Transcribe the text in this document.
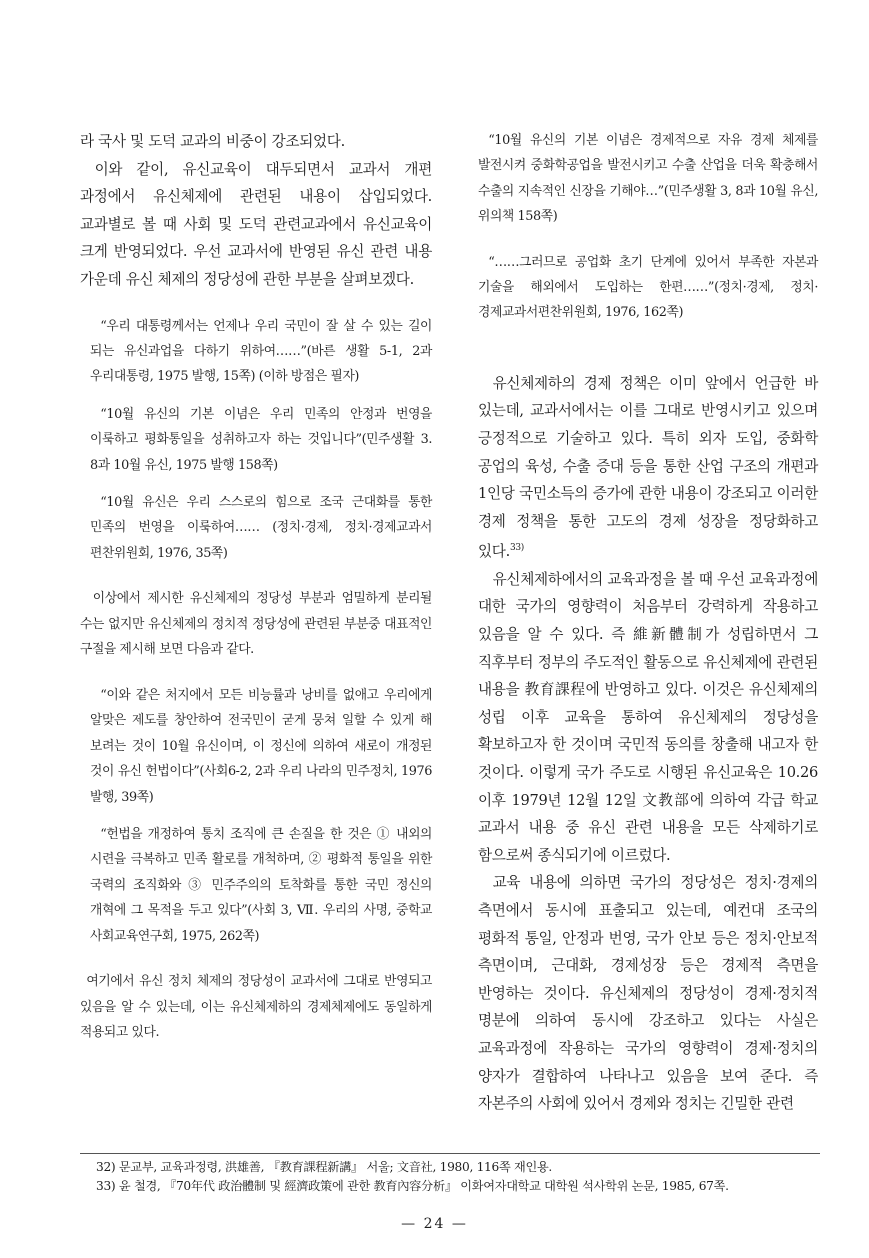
라 국사 및 도덕 교과의 비중이 강조되었다.

이와 같이, 유신교육이 대두되면서 교과서 개편 과정에서 유신체제에 관련된 내용이 삽입되었다. 교과별로 볼 때 사회 및 도덕 관련교과에서 유신교육이 크게 반영되었다. 우선 교과서에 반영된 유신 관련 내용 가운데 유신 체제의 정당성에 관한 부분을 살펴보겠다.

“우리 대통령께서는 언제나 우리 국민이 잘 살 수 있는 길이 되는 유신과업을 다하기 위하여……”(바른 생활 5-1, 2과 우리대통령, 1975 발행, 15쪽) (이하 방점은 필자)

“10월 유신의 기본 이념은 우리 민족의 안정과 번영을 이룩하고 평화통일을 성취하고자 하는 것입니다”(민주생활 3. 8과 10월 유신, 1975 발행 158쪽)

“10월 유신은 우리 스스로의 힘으로 조국 근대화를 통한 민족의 번영을 이룩하여…… (정치·경제, 정치·경제교과서 편찬위원회, 1976, 35쪽)

이상에서 제시한 유신체제의 정당성 부분과 엄밀하게 분리될 수는 없지만 유신체제의 정치적 정당성에 관련된 부분중 대표적인 구절을 제시해 보면 다음과 같다.

“이와 같은 처지에서 모든 비능률과 낭비를 없애고 우리에게 알맞은 제도를 창안하여 전국민이 굳게 뭉쳐 일할 수 있게 해 보려는 것이 10월 유신이며, 이 정신에 의하여 새로이 개정된 것이 유신 헌법이다”(사회6-2, 2과 우리 나라의 민주정치, 1976 발행, 39쪽)

“헌법을 개정하여 통치 조직에 큰 손질을 한 것은 ① 내외의 시련을 극복하고 민족 활로를 개척하며, ② 평화적 통일을 위한 국력의 조직화와 ③ 민주주의의 토착화를 통한 국민 정신의 개혁에 그 목적을 두고 있다”(사회 3, Ⅶ. 우리의 사명, 중학교 사회교육연구회, 1975, 262쪽)

여기에서 유신 정치 체제의 정당성이 교과서에 그대로 반영되고 있음을 알 수 있는데, 이는 유신체제하의 경제체제에도 동일하게 적용되고 있다.

“10월 유신의 기본 이념은 경제적으로 자유 경제 체제를 발전시켜 중화학공업을 발전시키고 수출 산업을 더욱 확충해서 수출의 지속적인 신장을 기해야…”(민주생활 3, 8과 10월 유신, 위의책 158쪽)

“……그러므로 공업화 초기 단계에 있어서 부족한 자본과 기술을 해외에서 도입하는 한편……”(정치·경제, 정치·경제교과서편찬위원회, 1976, 162쪽)

유신체제하의 경제 정책은 이미 앞에서 언급한 바 있는데, 교과서에서는 이를 그대로 반영시키고 있으며 긍정적으로 기술하고 있다. 특히 외자 도입, 중화학 공업의 육성, 수출 증대 등을 통한 산업 구조의 개편과 1인당 국민소득의 증가에 관한 내용이 강조되고 이러한 경제 정책을 통한 고도의 경제 성장을 정당화하고 있다.$^{33)}$

유신체제하에서의 교육과정을 볼 때 우선 교육과정에 대한 국가의 영향력이 처음부터 강력하게 작용하고 있음을 알 수 있다. 즉 維新體制가 성립하면서 그 직후부터 정부의 주도적인 활동으로 유신체제에 관련된 내용을 教育課程에 반영하고 있다. 이것은 유신체제의 성립 이후 교육을 통하여 유신체제의 정당성을 확보하고자 한 것이며 국민적 동의를 창출해 내고자 한 것이다. 이렇게 국가 주도로 시행된 유신교육은 10.26 이후 1979년 12월 12일 文教部에 의하여 각급 학교 교과서 내용 중 유신 관련 내용을 모든 삭제하기로 함으로써 종식되기에 이르렀다.

교육 내용에 의하면 국가의 정당성은 정치·경제의 측면에서 동시에 표출되고 있는데, 예컨대 조국의 평화적 통일, 안정과 번영, 국가 안보 등은 정치·안보적 측면이며, 근대화, 경제성장 등은 경제적 측면을 반영하는 것이다. 유신체제의 정당성이 경제·정치적 명분에 의하여 동시에 강조하고 있다는 사실은 교육과정에 작용하는 국가의 영향력이 경제·정치의 양자가 결합하여 나타나고 있음을 보여 준다. 즉 자본주의 사회에 있어서 경제와 정치는 긴밀한 관련

32) 문교부, 교육과정령, 洪雄善, 『教育課程新講』 서울; 文音社, 1980, 116쪽 재인용.

33) 윤 철경, 『70年代 政治體制 및 經濟政策에 관한 教育內容分析』 이화여자대학교 대학원 석사학위 논문, 1985, 67쪽.

— 24 —
